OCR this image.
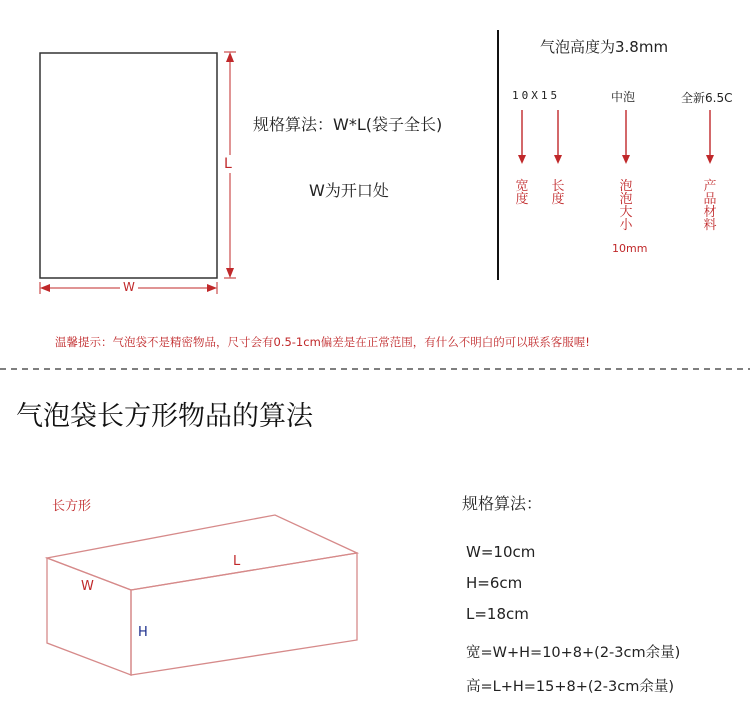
L
W
规格算法：W*L(袋子全长)
W为开口处
气泡高度为3.8mm
10X15	中泡	全新6.5C
宽度
长度
泡泡大小
10mm
产品材料
温馨提示：气泡袋不是精密物品，尺寸会有0.5-1cm偏差是在正常范围，有什么不明白的可以联系客服喔!
气泡袋长方形物品的算法
长方形
L
W
H
规格算法：
W=10cm
H=6cm
L=18cm
宽=W+H=10+8+(2-3cm余量)
高=L+H=15+8+(2-3cm余量)
